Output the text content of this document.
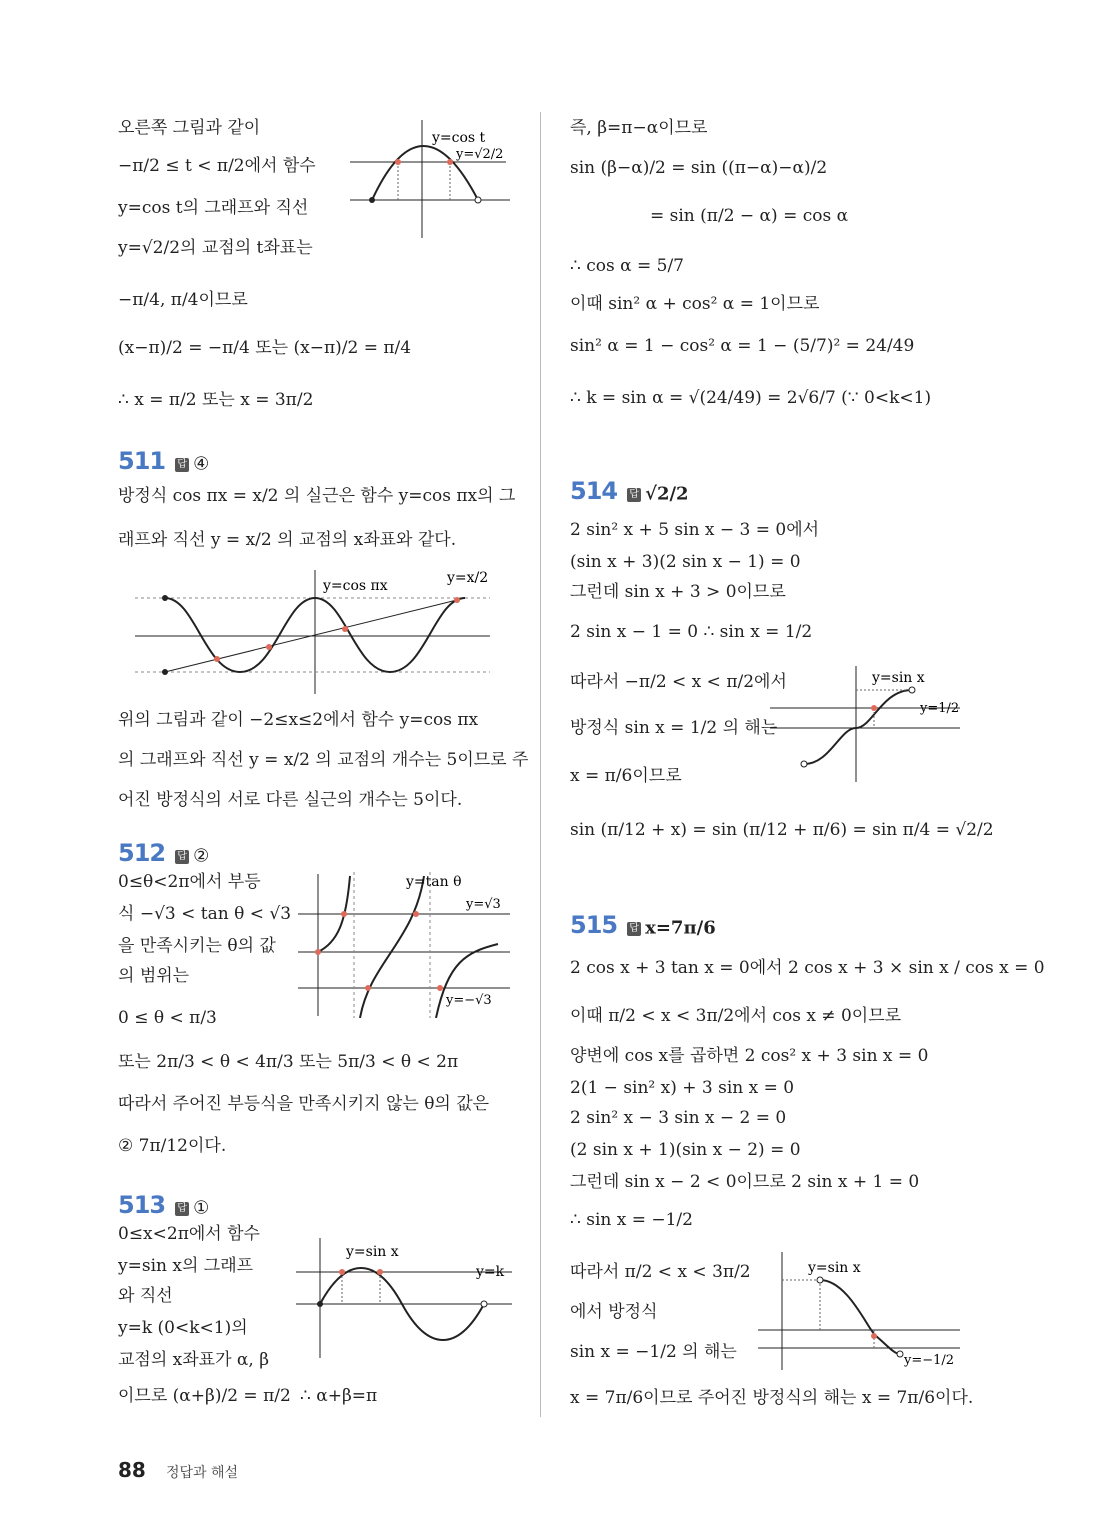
오른쪽 그림과 같이
−π/2 ≤ t < π/2에서 함수
y=cos t의 그래프와 직선
y=√2/2의 교점의 t좌표는
−π/4, π/4이므로
(x−π)/2 = −π/4 또는 (x−π)/2 = π/4
∴ x = π/2 또는 x = 3π/2
511 답 ④
방정식 cos πx = x/2 의 실근은 함수 y=cos πx의 그
래프와 직선 y = x/2 의 교점의 x좌표와 같다.
위의 그림과 같이 −2≤x≤2에서 함수 y=cos πx
의 그래프와 직선 y = x/2 의 교점의 개수는 5이므로 주
어진 방정식의 서로 다른 실근의 개수는 5이다.
512 답 ②
0≤θ<2π에서 부등
식 −√3 < tan θ < √3
을 만족시키는 θ의 값
의 범위는
0 ≤ θ < π/3
또는 2π/3 < θ < 4π/3 또는 5π/3 < θ < 2π
따라서 주어진 부등식을 만족시키지 않는 θ의 값은
② 7π/12이다.
513 답 ①
0≤x<2π에서 함수
y=sin x의 그래프
와 직선
y=k (0<k<1)의
교점의 x좌표가 α, β
이므로 (α+β)/2 = π/2 ∴ α+β=π
즉, β=π−α이므로
sin (β−α)/2 = sin ((π−α)−α)/2
= sin (π/2 − α) = cos α
∴ cos α = 5/7
이때 sin² α + cos² α = 1이므로
sin² α = 1 − cos² α = 1 − (5/7)² = 24/49
∴ k = sin α = √(24/49) = 2√6/7 (∵ 0<k<1)
514 답 √2/2
2 sin² x + 5 sin x − 3 = 0에서
(sin x + 3)(2 sin x − 1) = 0
그런데 sin x + 3 > 0이므로
2 sin x − 1 = 0 ∴ sin x = 1/2
따라서 −π/2 < x < π/2에서
방정식 sin x = 1/2 의 해는
x = π/6이므로
sin (π/12 + x) = sin (π/12 + π/6) = sin π/4 = √2/2
515 답 x=7π/6
2 cos x + 3 tan x = 0에서 2 cos x + 3 × sin x / cos x = 0
이때 π/2 < x < 3π/2에서 cos x ≠ 0이므로
양변에 cos x를 곱하면 2 cos² x + 3 sin x = 0
2(1 − sin² x) + 3 sin x = 0
2 sin² x − 3 sin x − 2 = 0
(2 sin x + 1)(sin x − 2) = 0
그런데 sin x − 2 < 0이므로 2 sin x + 1 = 0
∴ sin x = −1/2
따라서 π/2 < x < 3π/2
에서 방정식
sin x = −1/2 의 해는
x = 7π/6이므로 주어진 방정식의 해는 x = 7π/6이다.
y=cos t
y=√2/2
y=cos πx	y=x/2
y=tan θ
y=√3
y=−√3
y=sin x
y=k
y=sin x
y=1/2
y=sin x
y=−1/2
88 정답과 해설
